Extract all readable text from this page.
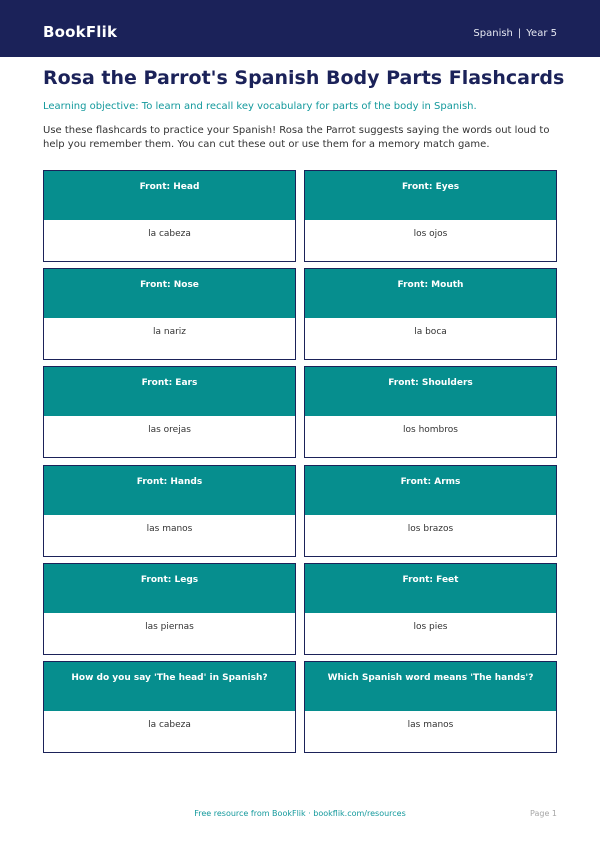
BookFlik	Spanish | Year 5
Rosa the Parrot's Spanish Body Parts Flashcards
Learning objective: To learn and recall key vocabulary for parts of the body in Spanish.
Use these flashcards to practice your Spanish! Rosa the Parrot suggests saying the words out loud to help you remember them. You can cut these out or use them for a memory match game.
Front: Head
la cabeza
Front: Eyes
los ojos
Front: Nose
la nariz
Front: Mouth
la boca
Front: Ears
las orejas
Front: Shoulders
los hombros
Front: Hands
las manos
Front: Arms
los brazos
Front: Legs
las piernas
Front: Feet
los pies
How do you say 'The head' in Spanish?
la cabeza
Which Spanish word means 'The hands'?
las manos
Free resource from BookFlik · bookflik.com/resources	Page 1
